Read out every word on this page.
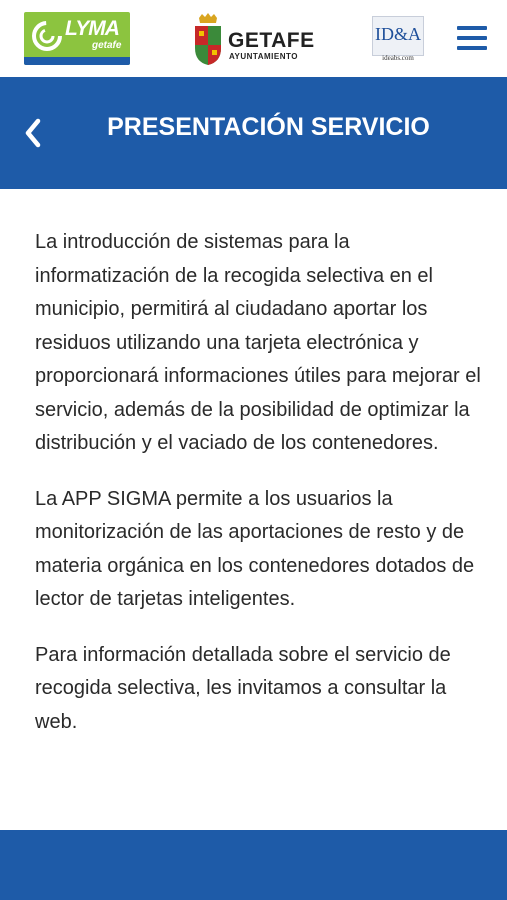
LYMA
getafe	GETAFE
AYUNTAMIENTO
ID&A
ideabs.com
PRESENTACIÓN SERVICIO

La introducción de sistemas para la informatización de la recogida selectiva en el municipio, permitirá al ciudadano aportar los residuos utilizando una tarjeta electrónica y proporcionará informaciones útiles para mejorar el servicio, además de la posibilidad de optimizar la distribución y el vaciado de los contenedores.

La APP SIGMA permite a los usuarios la monitorización de las aportaciones de resto y de materia orgánica en los contenedores dotados de lector de tarjetas inteligentes.

Para información detallada sobre el servicio de recogida selectiva, les invitamos a consultar la web.
